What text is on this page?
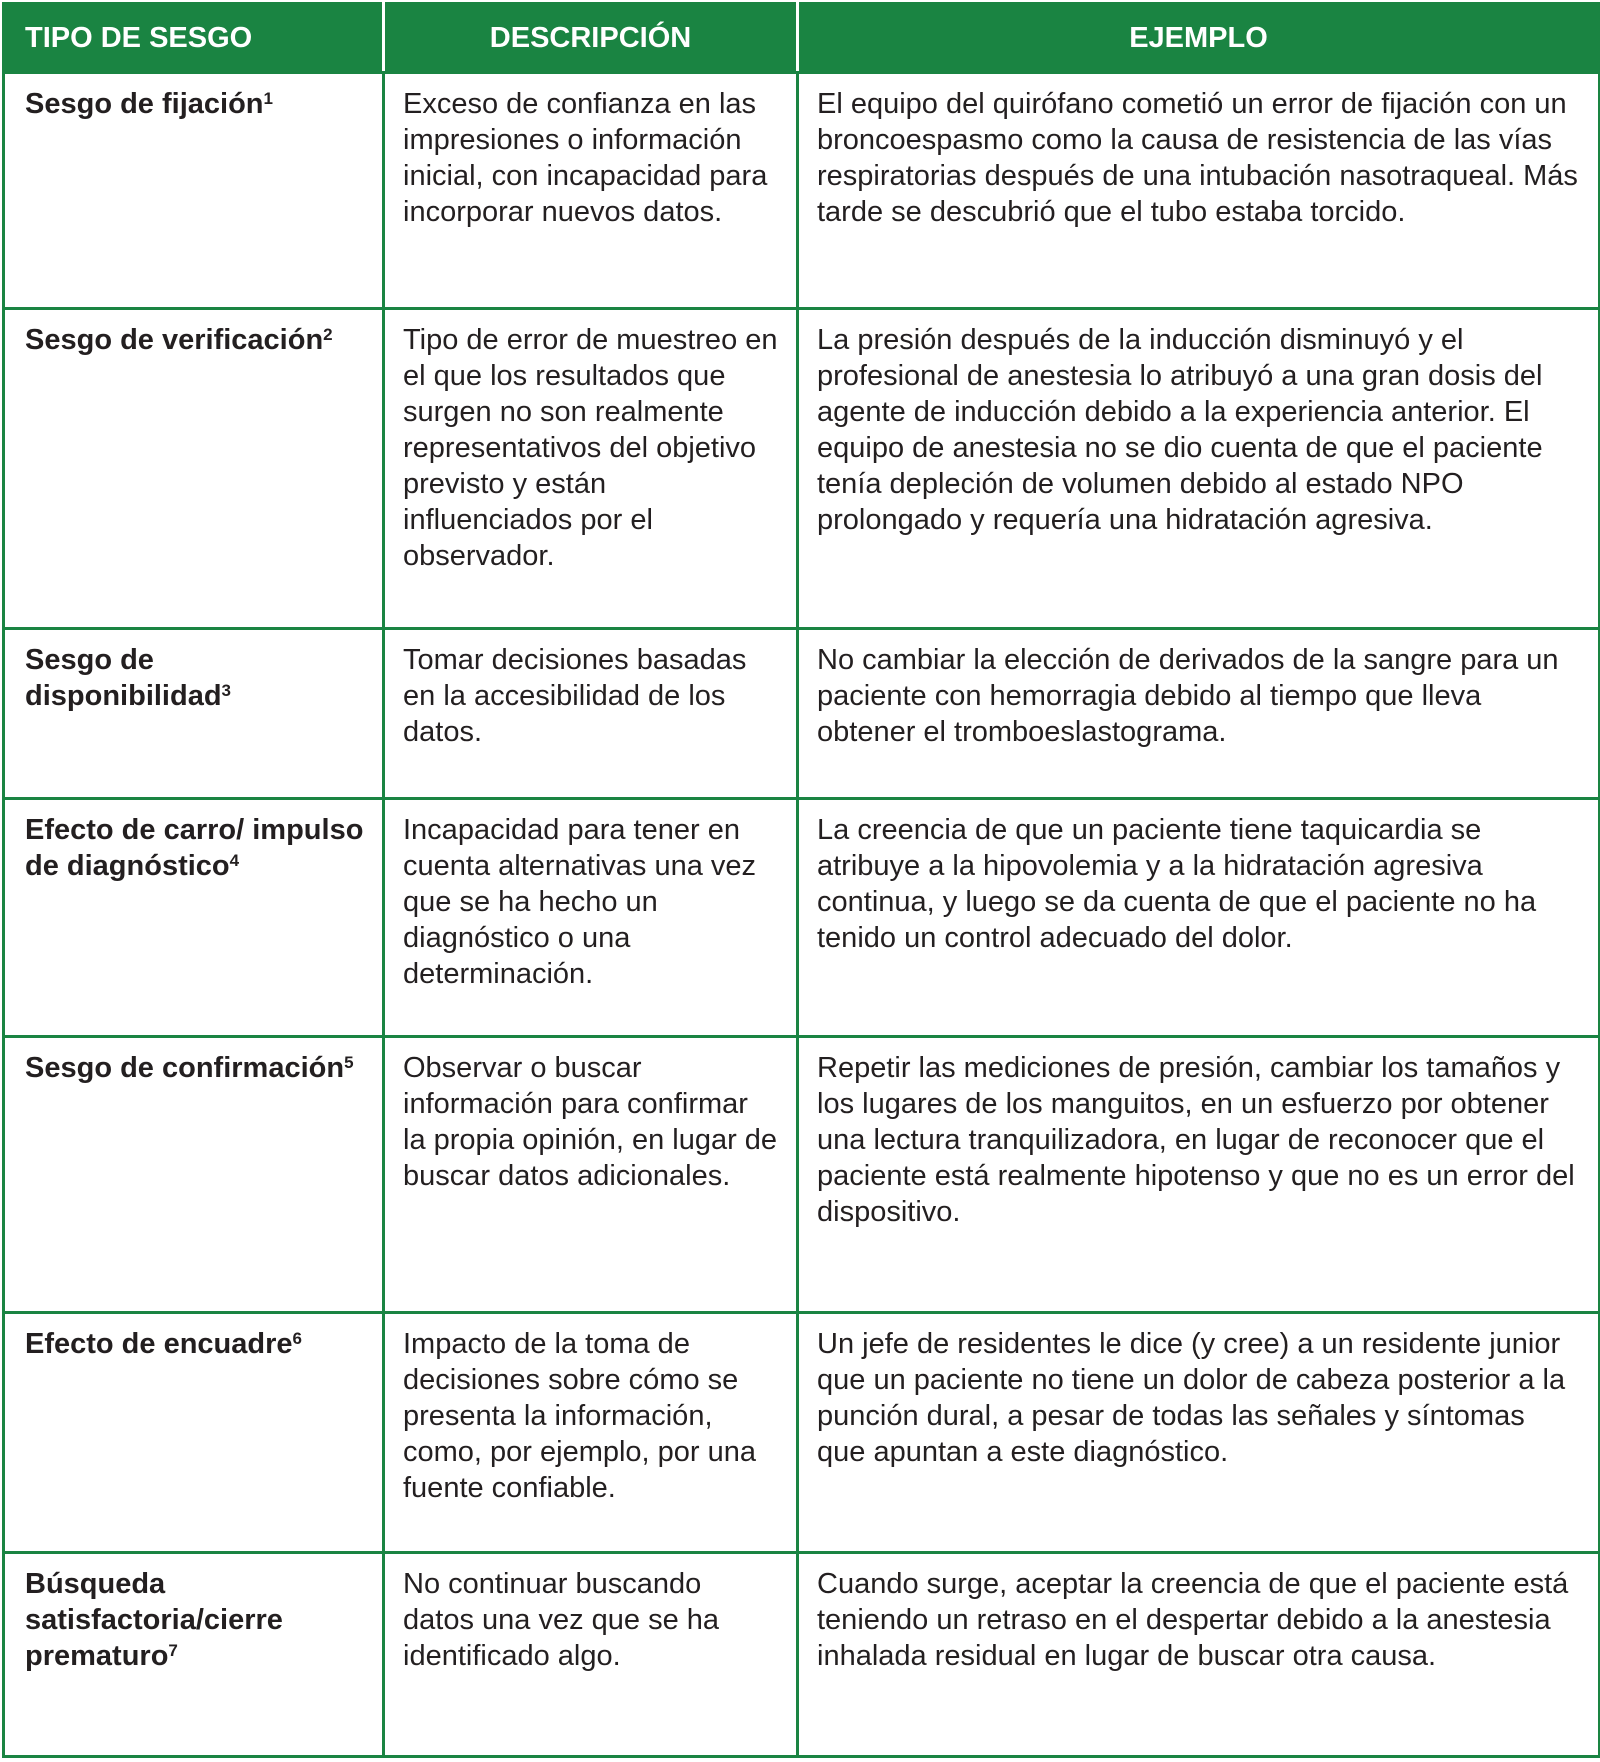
TIPO DE SESGO	DESCRIPCIÓN	EJEMPLO
Sesgo de fijación$^1$	Exceso de confianza en las impresiones o información inicial, con incapacidad para incorporar nuevos datos.	El equipo del quirófano cometió un error de fijación con un broncoespasmo como la causa de resistencia de las vías respiratorias después de una intubación nasotraqueal. Más tarde se descubrió que el tubo estaba torcido.

Sesgo de verificación$^2$	Tipo de error de muestreo en el que los resultados que surgen no son realmente representativos del objetivo previsto y están influenciados por el observador.	La presión después de la inducción disminuyó y el profesional de anestesia lo atribuyó a una gran dosis del agente de inducción debido a la experiencia anterior. El equipo de anestesia no se dio cuenta de que el paciente tenía depleción de volumen debido al estado NPO prolongado y requería una hidratación agresiva.

Sesgo de disponibilidad$^3$	Tomar decisiones basadas en la accesibilidad de los datos.	No cambiar la elección de derivados de la sangre para un paciente con hemorragia debido al tiempo que lleva obtener el tromboeslastograma.

Efecto de carro/ impulso de diagnóstico$^4$	Incapacidad para tener en cuenta alternativas una vez que se ha hecho un diagnóstico o una determinación.	La creencia de que un paciente tiene taquicardia se atribuye a la hipovolemia y a la hidratación agresiva continua, y luego se da cuenta de que el paciente no ha tenido un control adecuado del dolor.

Sesgo de confirmación$^5$	Observar o buscar información para confirmar la propia opinión, en lugar de buscar datos adicionales.	Repetir las mediciones de presión, cambiar los tamaños y los lugares de los manguitos, en un esfuerzo por obtener una lectura tranquilizadora, en lugar de reconocer que el paciente está realmente hipotenso y que no es un error del dispositivo.

Efecto de encuadre$^6$	Impacto de la toma de decisiones sobre cómo se presenta la información, como, por ejemplo, por una fuente confiable.	Un jefe de residentes le dice (y cree) a un residente junior que un paciente no tiene un dolor de cabeza posterior a la punción dural, a pesar de todas las señales y síntomas que apuntan a este diagnóstico.

Búsqueda satisfactoria/cierre prematuro$^7$	No continuar buscando datos una vez que se ha identificado algo.	Cuando surge, aceptar la creencia de que el paciente está teniendo un retraso en el despertar debido a la anestesia inhalada residual en lugar de buscar otra causa.
